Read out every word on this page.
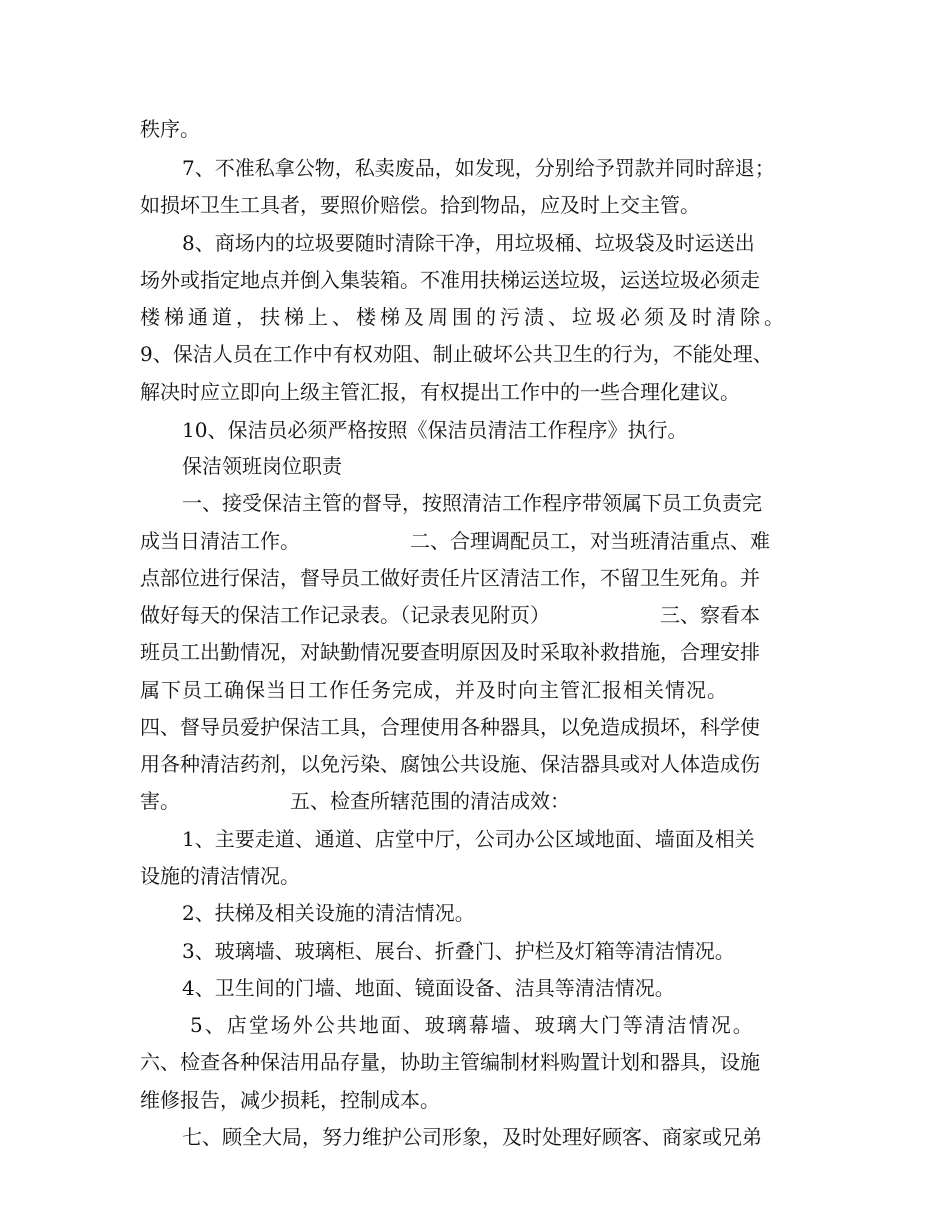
秩序。
7、不准私拿公物，私卖废品，如发现，分别给予罚款并同时辞退；
如损坏卫生工具者，要照价赔偿。拾到物品，应及时上交主管。
8、商场内的垃圾要随时清除干净，用垃圾桶、垃圾袋及时运送出
场外或指定地点并倒入集装箱。不准用扶梯运送垃圾，运送垃圾必须走
楼梯通道，扶梯上、楼梯及周围的污渍、垃圾必须及时清除。
9、保洁人员在工作中有权劝阻、制止破坏公共卫生的行为，不能处理、
解决时应立即向上级主管汇报，有权提出工作中的一些合理化建议。
10、保洁员必须严格按照《保洁员清洁工作程序》执行。
保洁领班岗位职责
一、接受保洁主管的督导，按照清洁工作程序带领属下员工负责完
成当日清洁工作。　　　　　　二、合理调配员工，对当班清洁重点、难
点部位进行保洁，督导员工做好责任片区清洁工作，不留卫生死角。并
做好每天的保洁工作记录表。（记录表见附页）　　　　　　三、察看本
班员工出勤情况，对缺勤情况要查明原因及时采取补救措施，合理安排
属下员工确保当日工作任务完成，并及时向主管汇报相关情况。
四、督导员爱护保洁工具，合理使用各种器具，以免造成损坏，科学使
用各种清洁药剂，以免污染、腐蚀公共设施、保洁器具或对人体造成伤
害。　　　　　　五、检查所辖范围的清洁成效：
1、主要走道、通道、店堂中厅，公司办公区域地面、墙面及相关
设施的清洁情况。
2、扶梯及相关设施的清洁情况。
3、玻璃墙、玻璃柜、展台、折叠门、护栏及灯箱等清洁情况。
4、卫生间的门墙、地面、镜面设备、洁具等清洁情况。
5、店堂场外公共地面、玻璃幕墙、玻璃大门等清洁情况。
六、检查各种保洁用品存量，协助主管编制材料购置计划和器具，设施
维修报告，减少损耗，控制成本。
七、顾全大局，努力维护公司形象，及时处理好顾客、商家或兄弟
